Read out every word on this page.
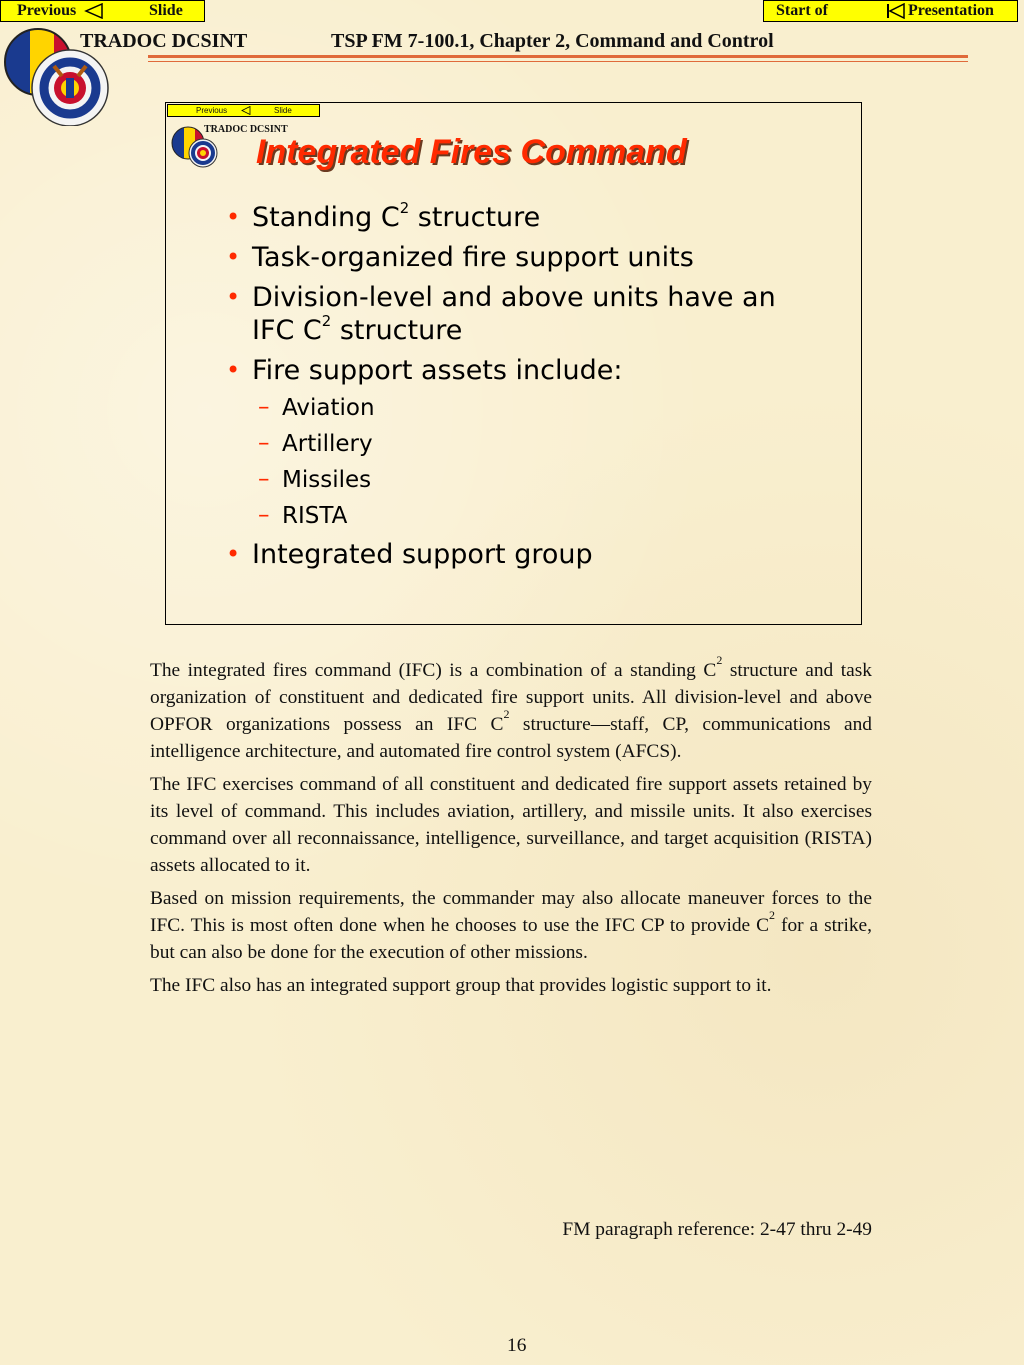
Previous	Slide	Start of	Presentation
TRADOC DCSINT	TSP FM 7-100.1, Chapter 2, Command and Control
Previous	Slide
TRADOC DCSINT
Integrated Fires Command
• Standing $C^2$ structure
• Task-organized fire support units
• Division-level and above units have an IFC $C^2$ structure
• Fire support assets include:
– Aviation
– Artillery
– Missiles
– RISTA
• Integrated support group

The integrated fires command (IFC) is a combination of a standing $C^2$ structure and task organization of constituent and dedicated fire support units. All division-level and above OPFOR organizations possess an IFC $C^2$ structure—staff, CP, communications and intelligence architecture, and automated fire control system (AFCS).

The IFC exercises command of all constituent and dedicated fire support assets retained by its level of command. This includes aviation, artillery, and missile units. It also exercises command over all reconnaissance, intelligence, surveillance, and target acquisition (RISTA) assets allocated to it.

Based on mission requirements, the commander may also allocate maneuver forces to the IFC. This is most often done when he chooses to use the IFC CP to provide $C^2$ for a strike, but can also be done for the execution of other missions.

The IFC also has an integrated support group that provides logistic support to it.

FM paragraph reference: 2-47 thru 2-49
16
